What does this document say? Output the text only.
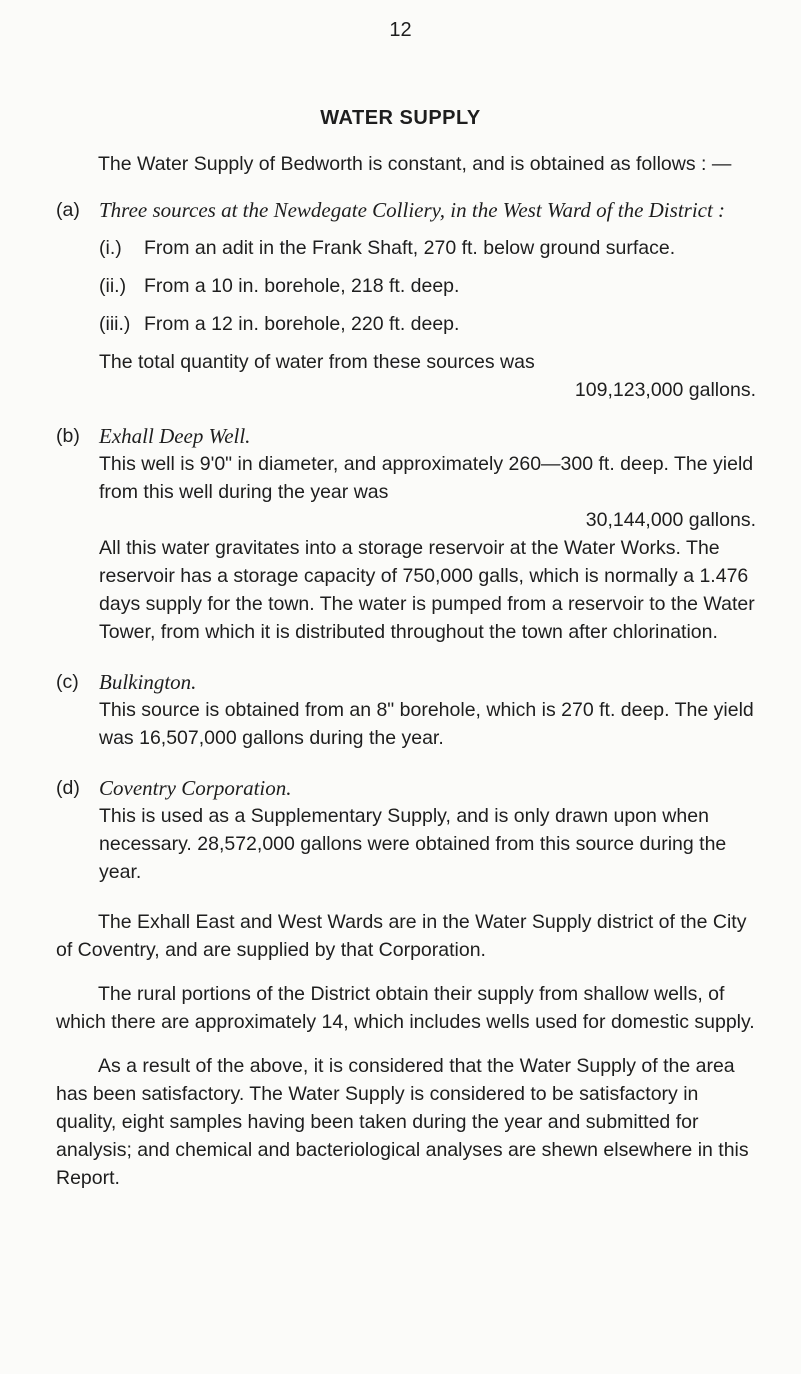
12
WATER SUPPLY

The Water Supply of Bedworth is constant, and is obtained as follows : —

(a) Three sources at the Newdegate Colliery, in the West Ward of the District :
(i.)	From an adit in the Frank Shaft, 270 ft. below ground surface.
(ii.) From a 10 in. borehole, 218 ft. deep.
(iii.) From a 12 in. borehole, 220 ft. deep.

The total quantity of water from these sources was

109,123,000 gallons.

(b) Exhall Deep Well.

This well is 9'0" in diameter, and approximately 260—300 ft. deep. The yield from this well during the year was

30,144,000 gallons.

All this water gravitates into a storage reservoir at the Water Works. The reservoir has a storage capacity of 750,000 galls, which is normally a 1.476 days supply for the town. The water is pumped from a reservoir to the Water Tower, from which it is distributed throughout the town after chlorination.

(c) Bulkington.

This source is obtained from an 8" borehole, which is 270 ft. deep. The yield was 16,507,000 gallons during the year.

(d) Coventry Corporation.

This is used as a Supplementary Supply, and is only drawn upon when necessary. 28,572,000 gallons were obtained from this source during the year.

The Exhall East and West Wards are in the Water Supply district of the City of Coventry, and are supplied by that Corporation.

The rural portions of the District obtain their supply from shallow wells, of which there are approximately 14, which includes wells used for domestic supply.

As a result of the above, it is considered that the Water Supply of the area has been satisfactory. The Water Supply is considered to be satisfactory in quality, eight samples having been taken during the year and submitted for analysis; and chemical and bacteriological analyses are shewn elsewhere in this Report.
